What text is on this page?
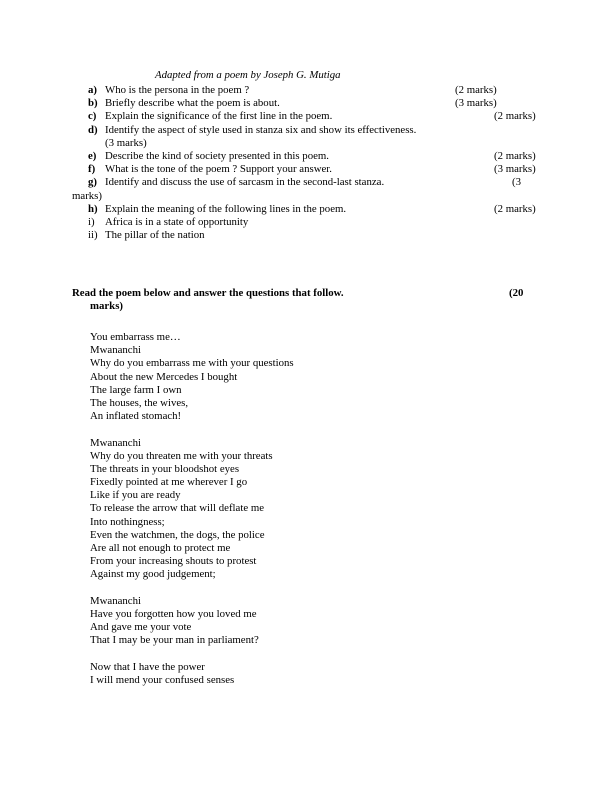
Adapted from a poem by Joseph G. Mutiga
a) Who is the persona in the poem ?	(2 marks)
b) Briefly describe what the poem is about.	(3 marks)
c) Explain the significance of the first line in the poem.	(2 marks)
d) Identify the aspect of style used in stanza six and show its effectiveness.
(3 marks)
e) Describe the kind of society presented in this poem.	(2 marks)
f) What is the tone of the poem ? Support your answer.	(3 marks)
g) Identify and discuss the use of sarcasm in the second-last stanza.	(3
marks)
h) Explain the meaning of the following lines in the poem.	(2 marks)
i) Africa is in a state of opportunity
ii) The pillar of the nation
Read the poem below and answer the questions that follow.	(20
marks)
You embarrass me…
Mwananchi
Why do you embarrass me with your questions
About the new Mercedes I bought
The large farm I own
The houses, the wives,
An inflated stomach!
Mwananchi
Why do you threaten me with your threats
The threats in your bloodshot eyes
Fixedly pointed at me wherever I go
Like if you are ready
To release the arrow that will deflate me
Into nothingness;
Even the watchmen, the dogs, the police
Are all not enough to protect me
From your increasing shouts to protest
Against my good judgement;
Mwananchi
Have you forgotten how you loved me
And gave me your vote
That I may be your man in parliament?
Now that I have the power
I will mend your confused senses
